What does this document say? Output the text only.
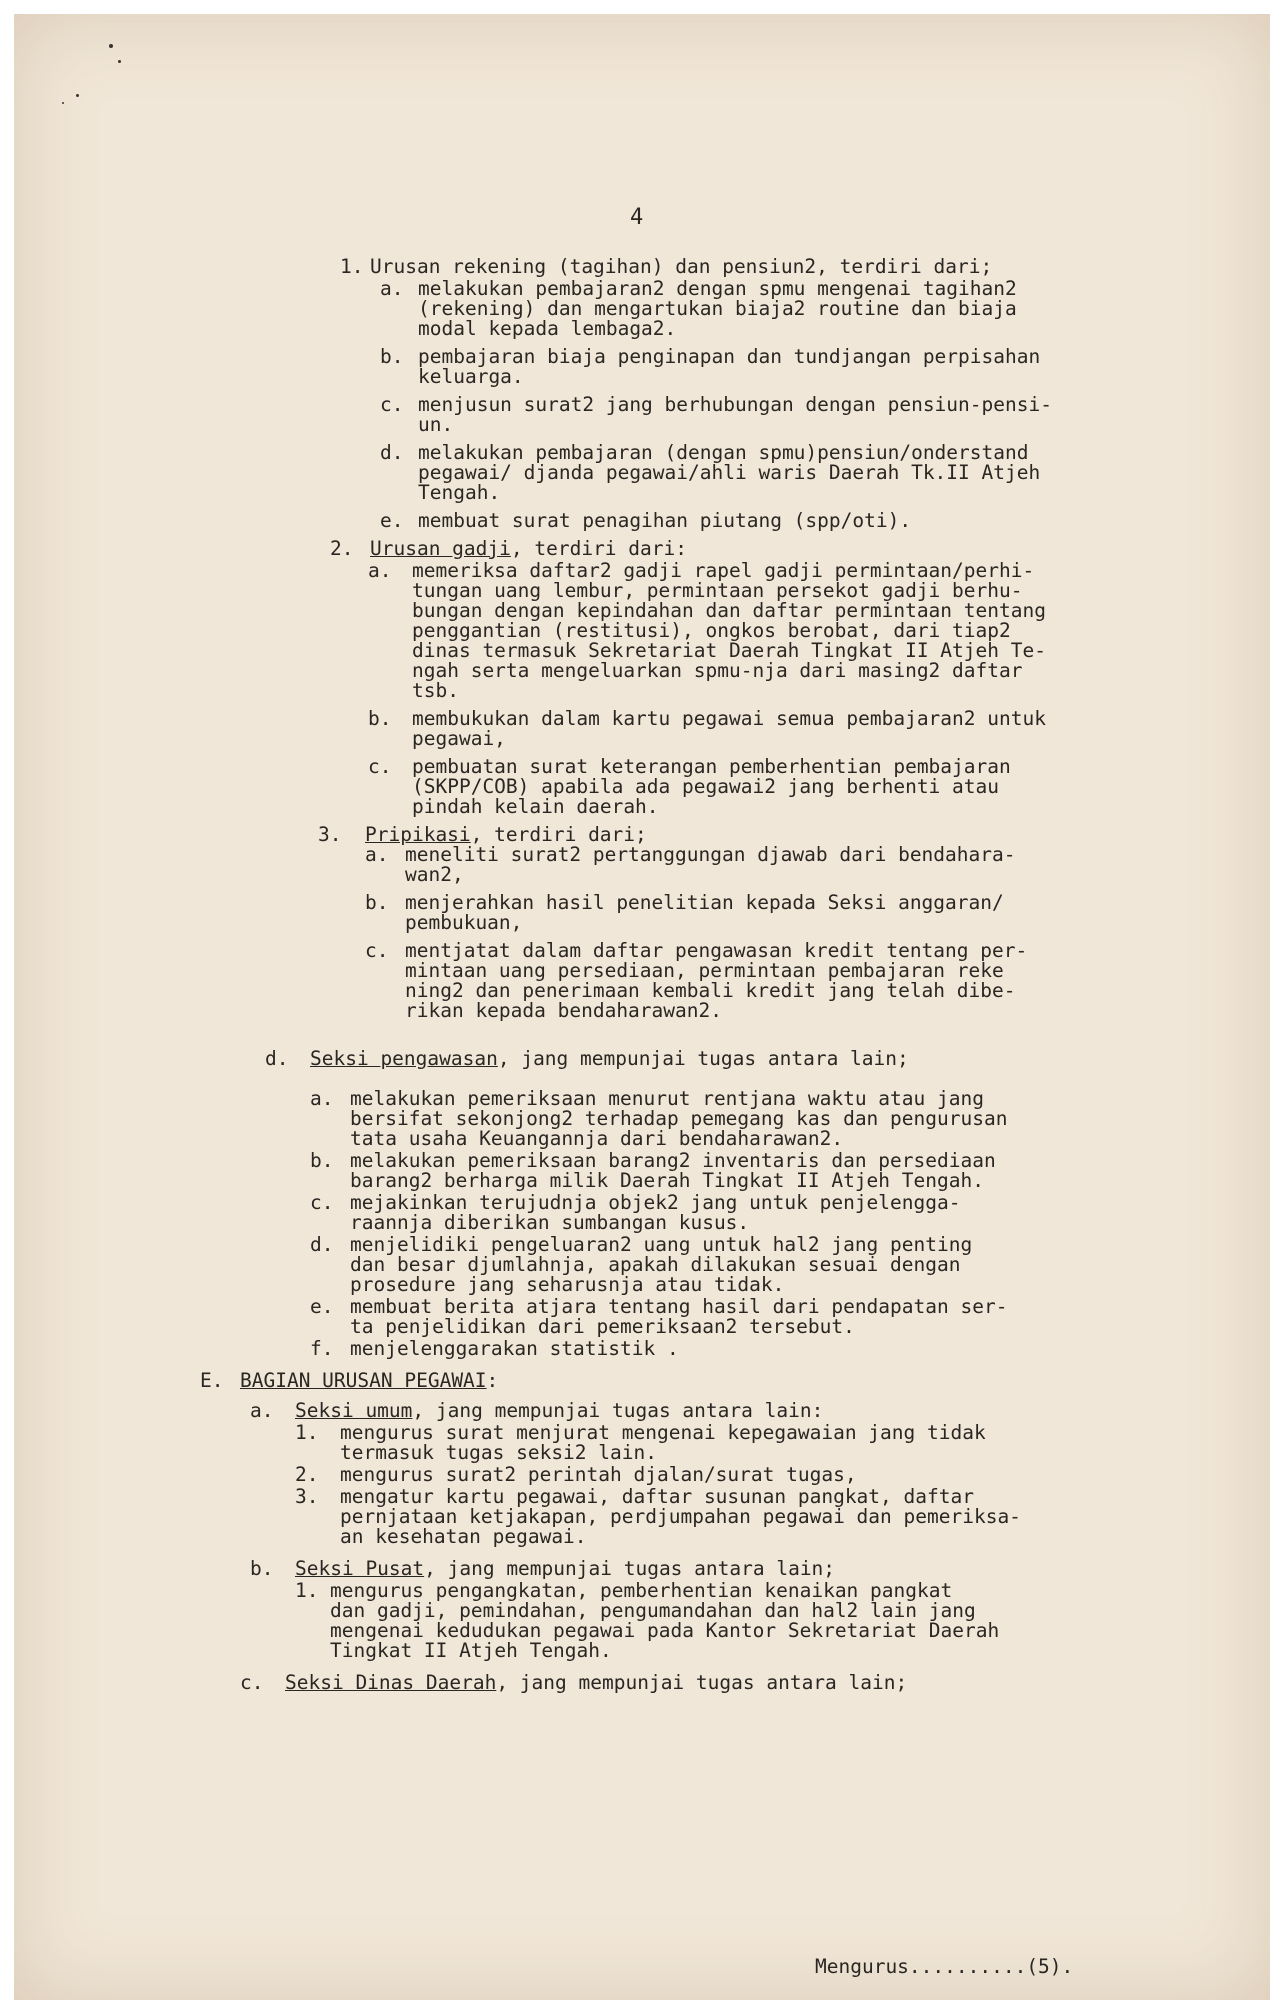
4
1. Urusan rekening (tagihan) dan pensiun2, terdiri dari;
a. melakukan pembajaran2 dengan spmu mengenai tagihan2
(rekening) dan mengartukan biaja2 routine dan biaja
modal kepada lembaga2.
b. pembajaran biaja penginapan dan tundjangan perpisahan
keluarga.
c. menjusun surat2 jang berhubungan dengan pensiun-pensi-
un.
d. melakukan pembajaran (dengan spmu)pensiun/onderstand
pegawai/ djanda pegawai/ahli waris Daerah Tk.II Atjeh
Tengah.
e. membuat surat penagihan piutang (spp/oti).
2. Urusan gadji, terdiri dari:
a. memeriksa daftar2 gadji rapel gadji permintaan/perhi-
tungan uang lembur, permintaan persekot gadji berhu-
bungan dengan kepindahan dan daftar permintaan tentang
penggantian (restitusi), ongkos berobat, dari tiap2
dinas termasuk Sekretariat Daerah Tingkat II Atjeh Te-
ngah serta mengeluarkan spmu-nja dari masing2 daftar
tsb.
b. membukukan dalam kartu pegawai semua pembajaran2 untuk
pegawai,
c. pembuatan surat keterangan pemberhentian pembajaran
(SKPP/COB) apabila ada pegawai2 jang berhenti atau
pindah kelain daerah.
3. Pripikasi, terdiri dari;
a. meneliti surat2 pertanggungan djawab dari bendahara-
wan2,
b. menjerahkan hasil penelitian kepada Seksi anggaran/
pembukuan,
c. mentjatat dalam daftar pengawasan kredit tentang per-
mintaan uang persediaan, permintaan pembajaran reke
ning2 dan penerimaan kembali kredit jang telah dibe-
rikan kepada bendaharawan2.
d. Seksi pengawasan, jang mempunjai tugas antara lain;
a. melakukan pemeriksaan menurut rentjana waktu atau jang
bersifat sekonjong2 terhadap pemegang kas dan pengurusan
tata usaha Keuangannja dari bendaharawan2.
b. melakukan pemeriksaan barang2 inventaris dan persediaan
barang2 berharga milik Daerah Tingkat II Atjeh Tengah.
c. mejakinkan terujudnja objek2 jang untuk penjelengga-
raannja diberikan sumbangan kusus.
d. menjelidiki pengeluaran2 uang untuk hal2 jang penting
dan besar djumlahnja, apakah dilakukan sesuai dengan
prosedure jang seharusnja atau tidak.
e. membuat berita atjara tentang hasil dari pendapatan ser-
ta penjelidikan dari pemeriksaan2 tersebut.
f. menjelenggarakan statistik .
E. BAGIAN URUSAN PEGAWAI:
a. Seksi umum, jang mempunjai tugas antara lain:
1. mengurus surat menjurat mengenai kepegawaian jang tidak
termasuk tugas seksi2 lain.
2. mengurus surat2 perintah djalan/surat tugas,
3. mengatur kartu pegawai, daftar susunan pangkat, daftar
pernjataan ketjakapan, perdjumpahan pegawai dan pemeriksa-
an kesehatan pegawai.
b. Seksi Pusat, jang mempunjai tugas antara lain;
1. mengurus pengangkatan, pemberhentian kenaikan pangkat
dan gadji, pemindahan, pengumandahan dan hal2 lain jang
mengenai kedudukan pegawai pada Kantor Sekretariat Daerah
Tingkat II Atjeh Tengah.
c. Seksi Dinas Daerah, jang mempunjai tugas antara lain;
Mengurus..........(5).
